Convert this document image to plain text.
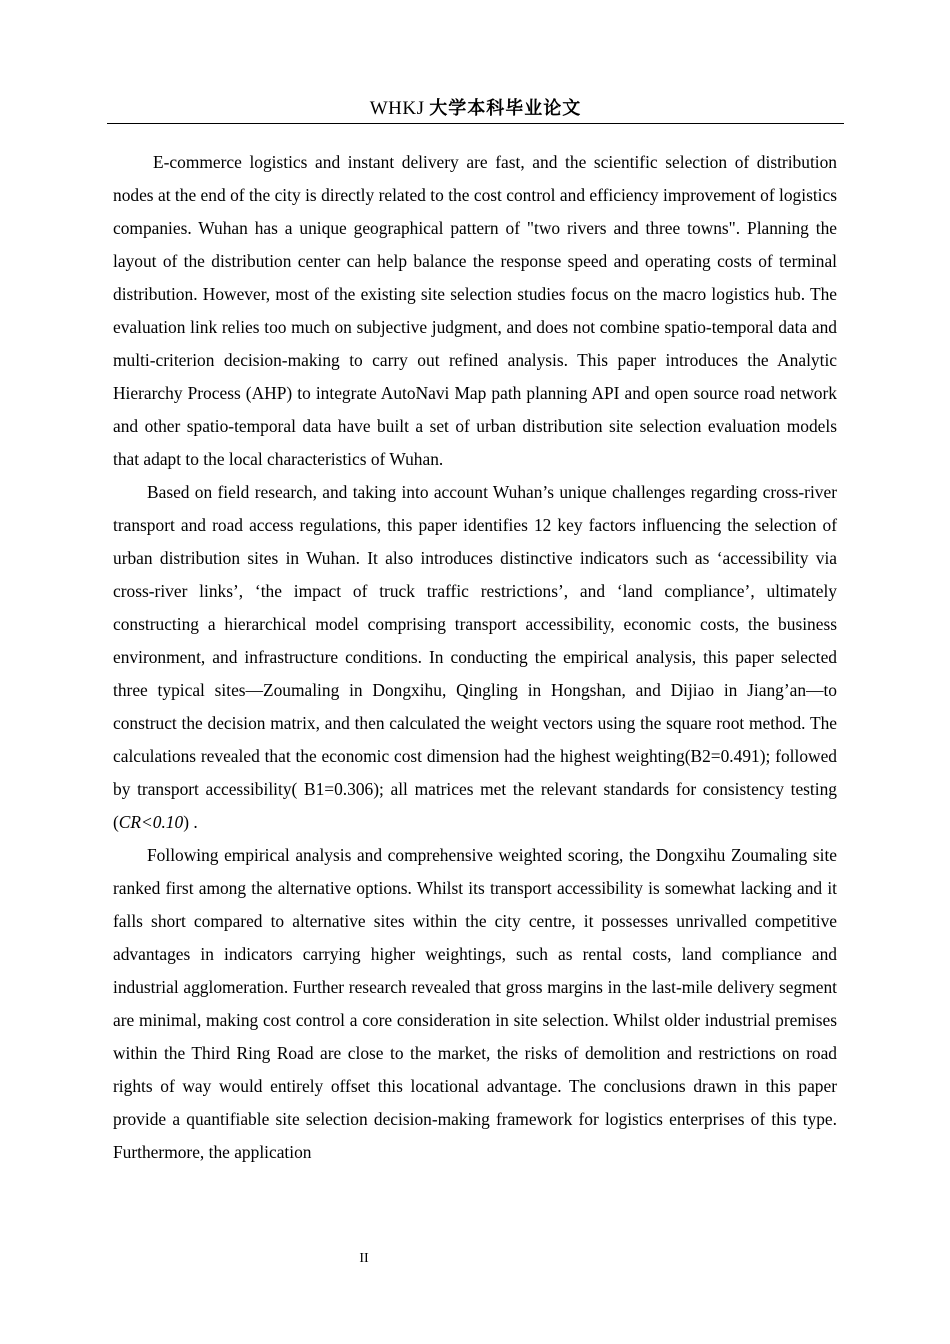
WHKJ 大学本科毕业论文

E-commerce logistics and instant delivery are fast, and the scientific selection of distribution nodes at the end of the city is directly related to the cost control and efficiency improvement of logistics companies. Wuhan has a unique geographical pattern of "two rivers and three towns". Planning the layout of the distribution center can help balance the response speed and operating costs of terminal distribution. However, most of the existing site selection studies focus on the macro logistics hub. The evaluation link relies too much on subjective judgment, and does not combine spatio-temporal data and multi-criterion decision-making to carry out refined analysis. This paper introduces the Analytic Hierarchy Process (AHP) to integrate AutoNavi Map path planning API and open source road network and other spatio-temporal data have built a set of urban distribution site selection evaluation models that adapt to the local characteristics of Wuhan.

Based on field research, and taking into account Wuhan’s unique challenges regarding cross-river transport and road access regulations, this paper identifies 12 key factors influencing the selection of urban distribution sites in Wuhan. It also introduces distinctive indicators such as ‘accessibility via cross-river links’, ‘the impact of truck traffic restrictions’, and ‘land compliance’, ultimately constructing a hierarchical model comprising transport accessibility, economic costs, the business environment, and infrastructure conditions. In conducting the empirical analysis, this paper selected three typical sites—Zoumaling in Dongxihu, Qingling in Hongshan, and Dijiao in Jiang’an—to construct the decision matrix, and then calculated the weight vectors using the square root method. The calculations revealed that the economic cost dimension had the highest weighting(B2=0.491); followed by transport accessibility( B1=0.306); all matrices met the relevant standards for consistency testing (CR<0.10) .

Following empirical analysis and comprehensive weighted scoring, the Dongxihu Zoumaling site ranked first among the alternative options. Whilst its transport accessibility is somewhat lacking and it falls short compared to alternative sites within the city centre, it possesses unrivalled competitive advantages in indicators carrying higher weightings, such as rental costs, land compliance and industrial agglomeration. Further research revealed that gross margins in the last-mile delivery segment are minimal, making cost control a core consideration in site selection. Whilst older industrial premises within the Third Ring Road are close to the market, the risks of demolition and restrictions on road rights of way would entirely offset this locational advantage. The conclusions drawn in this paper provide a quantifiable site selection decision-making framework for logistics enterprises of this type. Furthermore, the application

II
